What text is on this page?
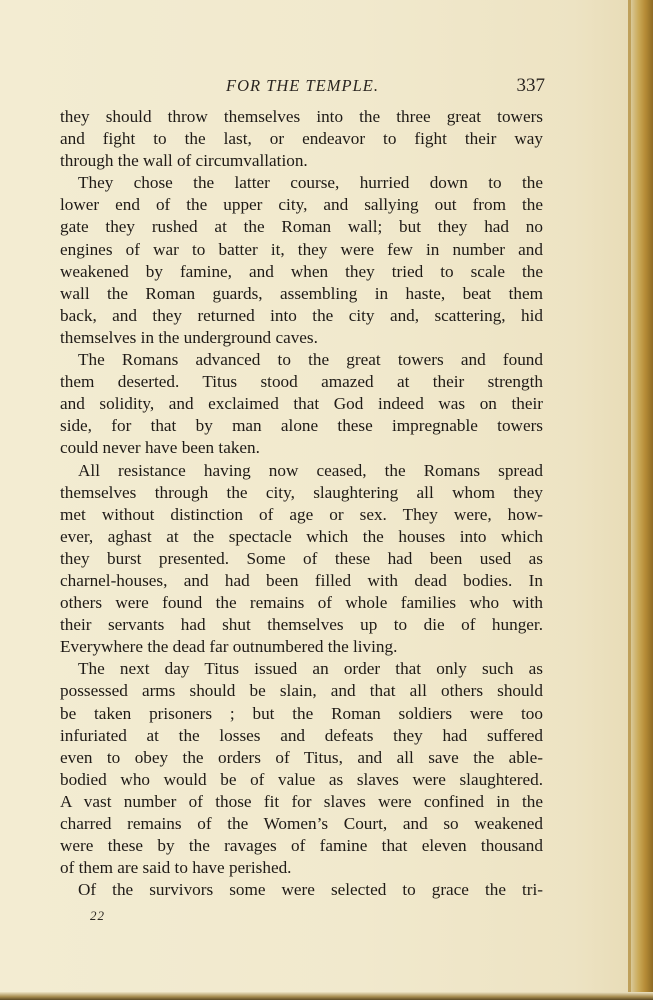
FOR THE TEMPLE.	337
they should throw themselves into the three great towers
and fight to the last, or endeavor to fight their way
through the wall of circumvallation.
They chose the latter course, hurried down to the
lower end of the upper city, and sallying out from the
gate they rushed at the Roman wall; but they had no
engines of war to batter it, they were few in number and
weakened by famine, and when they tried to scale the
wall the Roman guards, assembling in haste, beat them
back, and they returned into the city and, scattering, hid
themselves in the underground caves.
The Romans advanced to the great towers and found
them deserted. Titus stood amazed at their strength
and solidity, and exclaimed that God indeed was on their
side, for that by man alone these impregnable towers
could never have been taken.
All resistance having now ceased, the Romans spread
themselves through the city, slaughtering all whom they
met without distinction of age or sex. They were, how-
ever, aghast at the spectacle which the houses into which
they burst presented. Some of these had been used as
charnel-houses, and had been filled with dead bodies. In
others were found the remains of whole families who with
their servants had shut themselves up to die of hunger.
Everywhere the dead far outnumbered the living.
The next day Titus issued an order that only such as
possessed arms should be slain, and that all others should
be taken prisoners ; but the Roman soldiers were too
infuriated at the losses and defeats they had suffered
even to obey the orders of Titus, and all save the able-
bodied who would be of value as slaves were slaughtered.
A vast number of those fit for slaves were confined in the
charred remains of the Women’s Court, and so weakened
were these by the ravages of famine that eleven thousand
of them are said to have perished.
Of the survivors some were selected to grace the tri-
22
